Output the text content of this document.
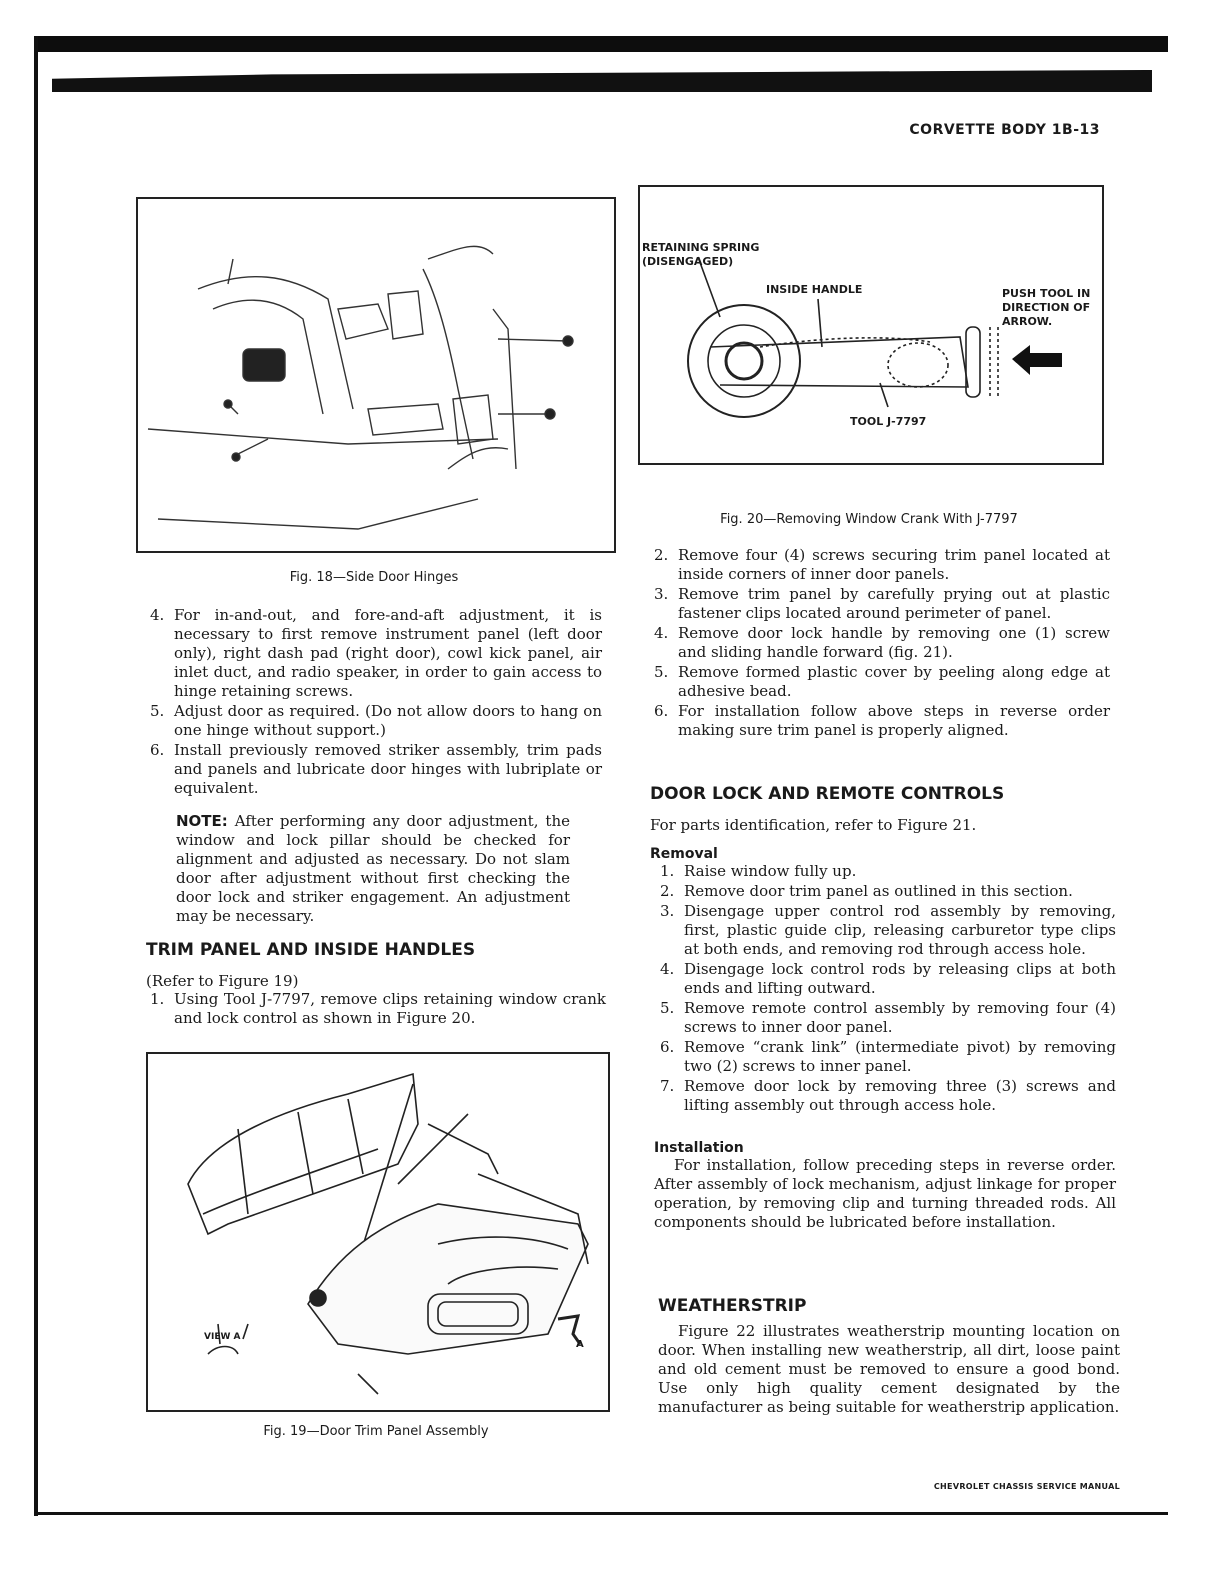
CORVETTE BODY 1B-13
Fig. 18—Side Door Hinges
4. For in-and-out, and fore-and-aft adjustment, it is necessary to first remove instrument panel (left door only), right dash pad (right door), cowl kick panel, air inlet duct, and radio speaker, in order to gain access to hinge retaining screws.
5. Adjust door as required. (Do not allow doors to hang on one hinge without support.)
6. Install previously removed striker assembly, trim pads and panels and lubricate door hinges with lubriplate or equivalent.
NOTE: After performing any door adjustment, the window and lock pillar should be checked for alignment and adjusted as necessary. Do not slam door after adjustment without first checking the door lock and striker engagement. An adjustment may be necessary.
TRIM PANEL AND INSIDE HANDLES
(Refer to Figure 19)
1. Using Tool J-7797, remove clips retaining window crank and lock control as shown in Figure 20.
VIEW A
A
Fig. 19—Door Trim Panel Assembly
RETAINING SPRING
(DISENGAGED)
INSIDE HANDLE	PUSH TOOL IN
DIRECTION OF
ARROW.
TOOL J-7797
Fig. 20—Removing Window Crank With J-7797
2. Remove four (4) screws securing trim panel located at inside corners of inner door panels.
3. Remove trim panel by carefully prying out at plastic fastener clips located around perimeter of panel.
4. Remove door lock handle by removing one (1) screw and sliding handle forward (fig. 21).
5. Remove formed plastic cover by peeling along edge at adhesive bead.
6. For installation follow above steps in reverse order making sure trim panel is properly aligned.
DOOR LOCK AND REMOTE CONTROLS
For parts identification, refer to Figure 21.
Removal
1. Raise window fully up.
2. Remove door trim panel as outlined in this section.
3. Disengage upper control rod assembly by removing, first, plastic guide clip, releasing carburetor type clips at both ends, and removing rod through access hole.
4. Disengage lock control rods by releasing clips at both ends and lifting outward.
5. Remove remote control assembly by removing four (4) screws to inner door panel.
6. Remove “crank link” (intermediate pivot) by removing two (2) screws to inner panel.
7. Remove door lock by removing three (3) screws and lifting assembly out through access hole.
Installation
For installation, follow preceding steps in reverse order. After assembly of lock mechanism, adjust linkage for proper operation, by removing clip and turning threaded rods. All components should be lubricated before installation.
WEATHERSTRIP
Figure 22 illustrates weatherstrip mounting location on door. When installing new weatherstrip, all dirt, loose paint and old cement must be removed to ensure a good bond. Use only high quality cement designated by the manufacturer as being suitable for weatherstrip application.
CHEVROLET CHASSIS SERVICE MANUAL
